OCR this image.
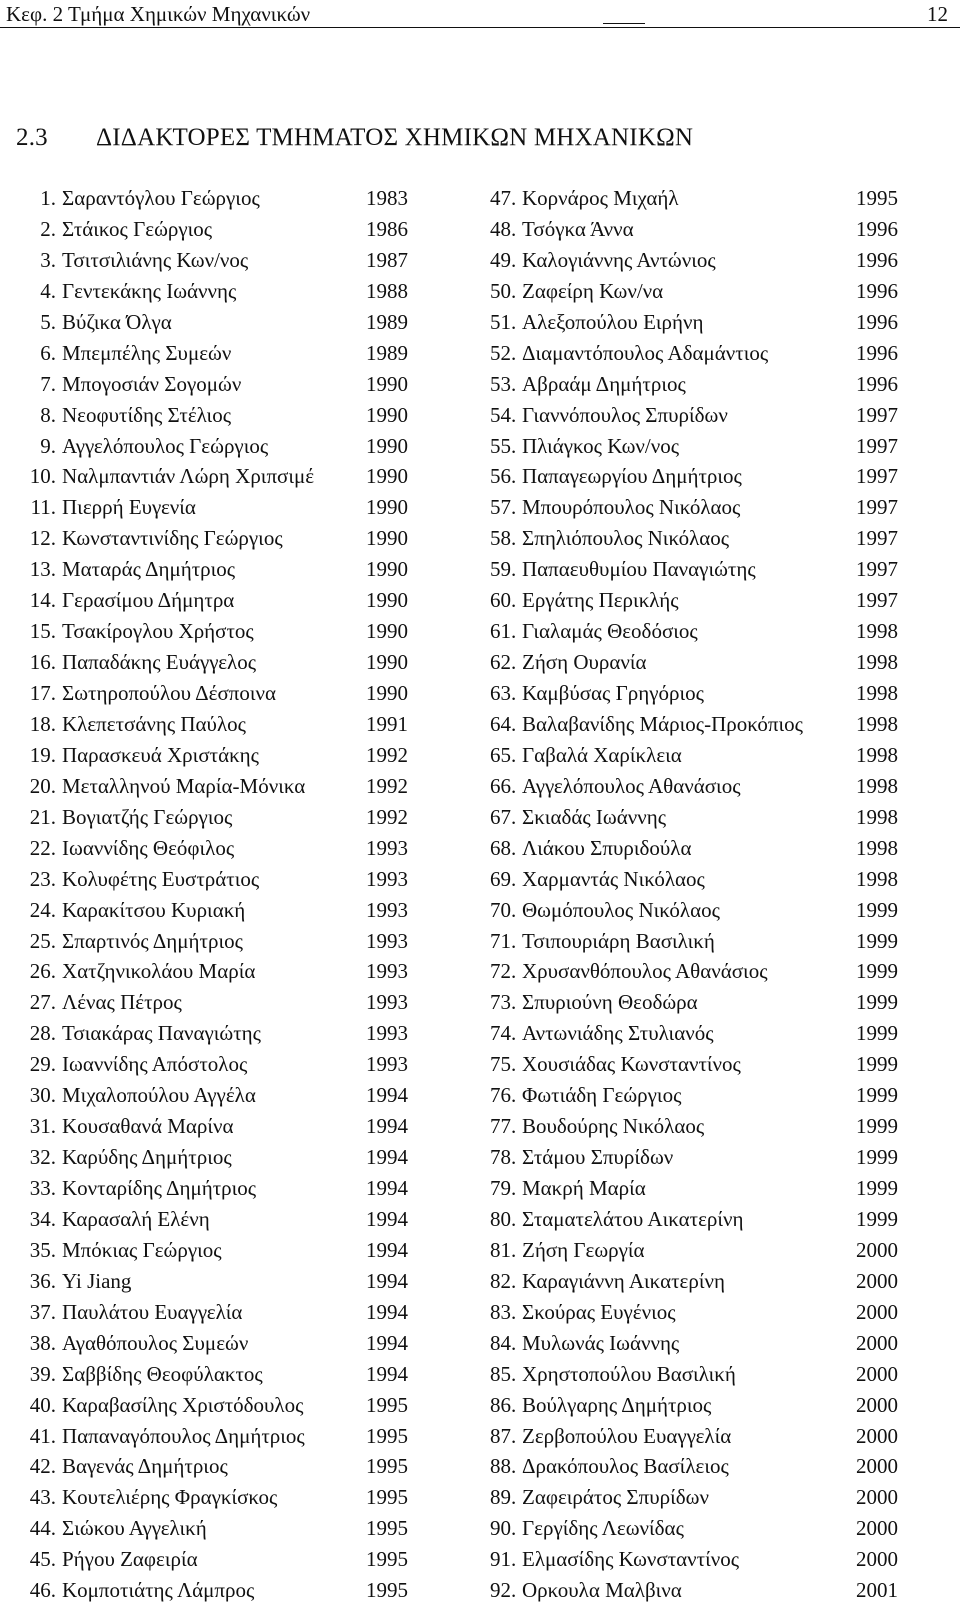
Κεφ. 2 Τμήμα Χημικών Μηχανικών	12
2.3 ΔΙΔΑΚΤΟΡΕΣ ΤΜΗΜΑΤΟΣ ΧΗΜΙΚΩΝ ΜΗΧΑΝΙΚΩΝ
1. Σαραντόγλου Γεώργιος	1983
2. Στάικος Γεώργιος	1986
3. Τσιτσιλιάνης Κων/νος	1987
4. Γεντεκάκης Ιωάννης	1988
5. Βύζικα Όλγα	1989
6. Μπεμπέλης Συμεών	1989
7. Μπογοσιάν Σογομών	1990
8. Νεοφυτίδης Στέλιος	1990
9. Αγγελόπουλος Γεώργιος	1990
10. Ναλμπαντιάν Λώρη Χριπσιμέ 1990
11. Πιερρή Ευγενία	1990
12. Κωνσταντινίδης Γεώργιος	1990
13. Ματαράς Δημήτριος	1990
14. Γερασίμου Δήμητρα	1990
15. Τσακίρογλου Χρήστος	1990
16. Παπαδάκης Ευάγγελος	1990
17. Σωτηροπούλου Δέσποινα	1990
18. Κλεπετσάνης Παύλος	1991
19. Παρασκευά Χριστάκης	1992
20. Μεταλληνού Μαρία-Μόνικα	1992
21. Βογιατζής Γεώργιος	1992
22. Ιωαννίδης Θεόφιλος	1993
23. Κολυφέτης Ευστράτιος	1993
24. Καρακίτσου Κυριακή	1993
25. Σπαρτινός Δημήτριος	1993
26. Χατζηνικολάου Μαρία	1993
27. Λένας Πέτρος	1993
28. Τσιακάρας Παναγιώτης	1993
29. Ιωαννίδης Απόστολος	1993
30. Μιχαλοπούλου Αγγέλα	1994
31. Κουσαθανά Μαρίνα	1994
32. Καρύδης Δημήτριος	1994
33. Κονταρίδης Δημήτριος	1994
34. Καρασαλή Ελένη	1994
35. Μπόκιας Γεώργιος	1994
36. Yi Jiang	1994
37. Παυλάτου Ευαγγελία	1994
38. Αγαθόπουλος Συμεών	1994
39. Σαββίδης Θεοφύλακτος	1994
40. Καραβασίλης Χριστόδουλος	1995
41. Παπαναγόπουλος Δημήτριος	1995
42. Βαγενάς Δημήτριος	1995
43. Κουτελιέρης Φραγκίσκος	1995
44. Σιώκου Αγγελική	1995
45. Ρήγου Ζαφειρία	1995
46. Κομποτιάτης Λάμπρος	1995
47. Κορνάρος Μιχαήλ	1995
48. Τσόγκα Άννα	1996
49. Καλογιάννης Αντώνιος	1996
50. Ζαφείρη Κων/να	1996
51. Αλεξοπούλου Ειρήνη	1996
52. Διαμαντόπουλος Αδαμάντιος	1996
53. Αβραάμ Δημήτριος	1996
54. Γιαννόπουλος Σπυρίδων	1997
55. Πλιάγκος Κων/νος	1997
56. Παπαγεωργίου Δημήτριος	1997
57. Μπουρόπουλος Νικόλαος	1997
58. Σπηλιόπουλος Νικόλαος	1997
59. Παπαευθυμίου Παναγιώτης	1997
60. Εργάτης Περικλής	1997
61. Γιαλαμάς Θεοδόσιος	1998
62. Ζήση Ουρανία	1998
63. Καμβύσας Γρηγόριος	1998
64. Βαλαβανίδης Μάριος-Προκόπιος	1998
65. Γαβαλά Χαρίκλεια	1998
66. Αγγελόπουλος Αθανάσιος	1998
67. Σκιαδάς Ιωάννης	1998
68. Λιάκου Σπυριδούλα	1998
69. Χαρμαντάς Νικόλαος	1998
70. Θωμόπουλος Νικόλαος	1999
71. Τσιπουριάρη Βασιλική	1999
72. Χρυσανθόπουλος Αθανάσιος	1999
73. Σπυριούνη Θεοδώρα	1999
74. Αντωνιάδης Στυλιανός	1999
75. Χουσιάδας Κωνσταντίνος	1999
76. Φωτιάδη Γεώργιος	1999
77. Βουδούρης Νικόλαος	1999
78. Στάμου Σπυρίδων	1999
79. Μακρή Μαρία	1999
80. Σταματελάτου Αικατερίνη	1999
81. Ζήση Γεωργία	2000
82. Καραγιάννη Αικατερίνη	2000
83. Σκούρας Ευγένιος	2000
84. Μυλωνάς Ιωάννης	2000
85. Χρηστοπούλου Βασιλική	2000
86. Βούλγαρης Δημήτριος	2000
87. Ζερβοπούλου Ευαγγελία	2000
88. Δρακόπουλος Βασίλειος	2000
89. Ζαφειράτος Σπυρίδων	2000
90. Γεργίδης Λεωνίδας	2000
91. Ελμασίδης Κωνσταντίνος	2000
92. Ορκουλα Μαλβινα	2001
